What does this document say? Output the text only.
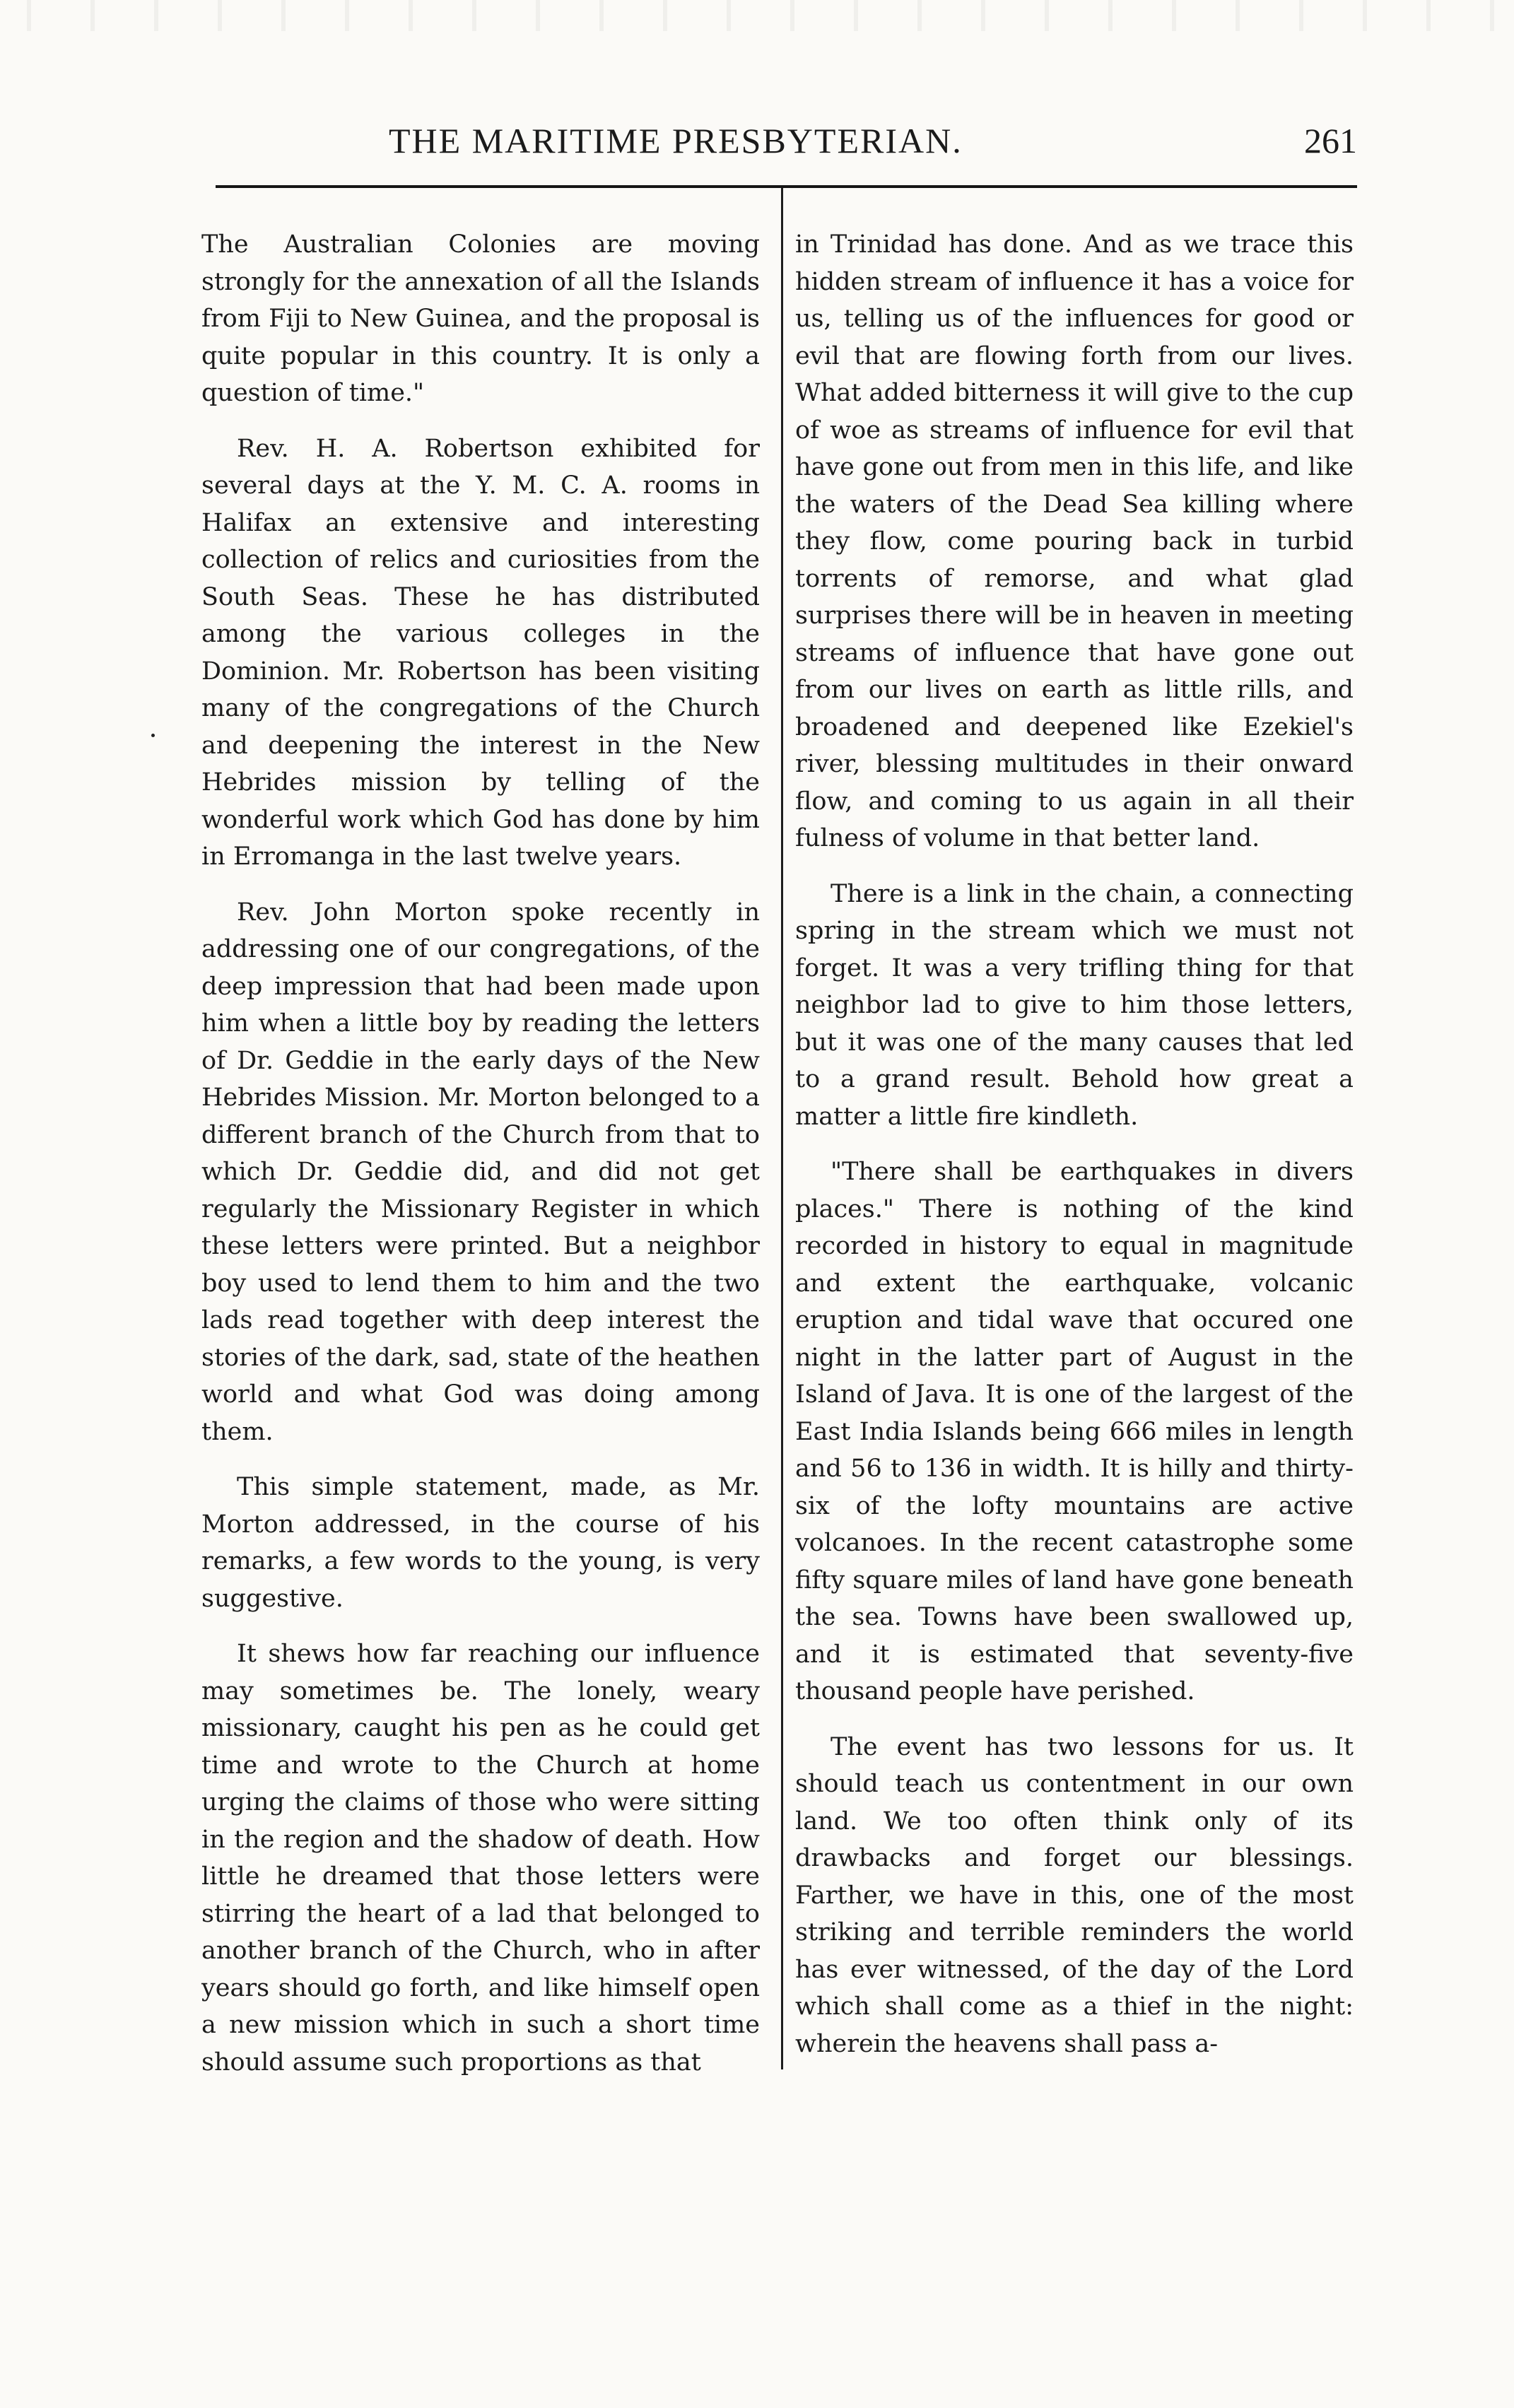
THE MARITIME PRESBYTERIAN.	261

The Australian Colonies are moving strongly for the annexation of all the Islands from Fiji to New Guinea, and the proposal is quite popular in this country. It is only a question of time."

Rev. H. A. Robertson exhibited for several days at the Y. M. C. A. rooms in Halifax an extensive and interesting collection of relics and curiosities from the South Seas. These he has distributed among the various colleges in the Dominion. Mr. Robertson has been visiting many of the congregations of the Church and deepening the interest in the New Hebrides mission by telling of the wonderful work which God has done by him in Erromanga in the last twelve years.

Rev. John Morton spoke recently in addressing one of our congregations, of the deep impression that had been made upon him when a little boy by reading the letters of Dr. Geddie in the early days of the New Hebrides Mission. Mr. Morton belonged to a different branch of the Church from that to which Dr. Geddie did, and did not get regularly the Missionary Register in which these letters were printed. But a neighbor boy used to lend them to him and the two lads read together with deep interest the stories of the dark, sad, state of the heathen world and what God was doing among them.

This simple statement, made, as Mr. Morton addressed, in the course of his remarks, a few words to the young, is very suggestive.

It shews how far reaching our influence may sometimes be. The lonely, weary missionary, caught his pen as he could get time and wrote to the Church at home urging the claims of those who were sitting in the region and the shadow of death. How little he dreamed that those letters were stirring the heart of a lad that belonged to another branch of the Church, who in after years should go forth, and like himself open a new mission which in such a short time should assume such proportions as that

in Trinidad has done. And as we trace this hidden stream of influence it has a voice for us, telling us of the influences for good or evil that are flowing forth from our lives. What added bitterness it will give to the cup of woe as streams of influence for evil that have gone out from men in this life, and like the waters of the Dead Sea killing where they flow, come pouring back in turbid torrents of remorse, and what glad surprises there will be in heaven in meeting streams of influence that have gone out from our lives on earth as little rills, and broadened and deepened like Ezekiel's river, blessing multitudes in their onward flow, and coming to us again in all their fulness of volume in that better land.

There is a link in the chain, a connecting spring in the stream which we must not forget. It was a very trifling thing for that neighbor lad to give to him those letters, but it was one of the many causes that led to a grand result. Behold how great a matter a little fire kindleth.

"There shall be earthquakes in divers places." There is nothing of the kind recorded in history to equal in magnitude and extent the earthquake, volcanic eruption and tidal wave that occured one night in the latter part of August in the Island of Java. It is one of the largest of the East India Islands being 666 miles in length and 56 to 136 in width. It is hilly and thirty-six of the lofty mountains are active volcanoes. In the recent catastrophe some fifty square miles of land have gone beneath the sea. Towns have been swallowed up, and it is estimated that seventy-five thousand people have perished.

The event has two lessons for us. It should teach us contentment in our own land. We too often think only of its drawbacks and forget our blessings. Farther, we have in this, one of the most striking and terrible reminders the world has ever witnessed, of the day of the Lord which shall come as a thief in the night: wherein the heavens shall pass a-
